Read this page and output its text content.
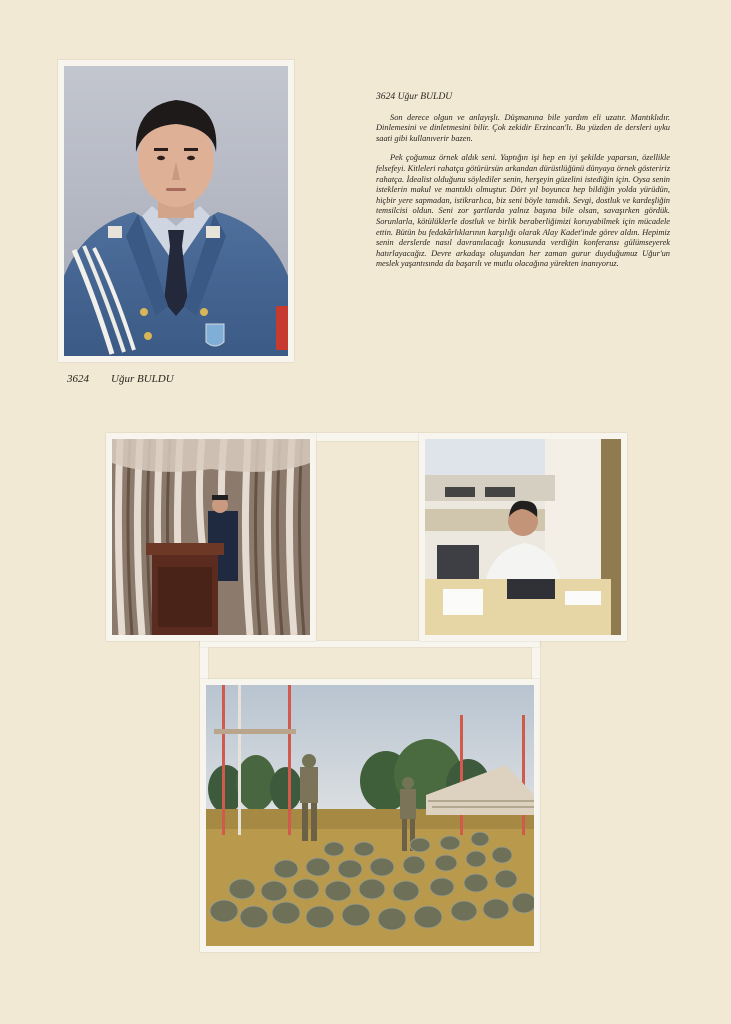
3624 Uğur BULDU
3624 Uğur BULDU

Son derece olgun ve anlayışlı. Düşmanına bile yardım eli uzatır. Mantıklıdır. Dinlemesini ve dinletmesini bilir. Çok zekidir Erzincan'lı. Bu yüzden de dersleri uyku saati gibi kullanıverir bazen.

Pek çoğumuz örnek aldık seni. Yaptığın işi hep en iyi şekilde yaparsın, özellikle felsefeyi. Kitleleri rahatça götürürsün arkandan dürüstlüğünü dünyaya örnek gösteririz rahatça. İdealist olduğunu söylediler senin, herşeyin güzelini istediğin için. Oysa senin isteklerin makul ve mantıklı olmuştur. Dört yıl boyunca hep bildiğin yolda yürüdün, hiçbir yere sapmadan, istikrarlıca, biz seni böyle tanıdık. Sevgi, dostluk ve kardeşliğin temsilcisi oldun. Seni zor şartlarda yalnız başına bile olsan, savaşırken gördük. Sorunlarla, kötülüklerle dostluk ve birlik beraberliğimizi koruyabilmek için mücadele ettin. Bütün bu fedakârlıklarının karşılığı olarak Alay Kadet'inde görev aldın. Hepimiz senin derslerde nasıl davranılacağı konusunda verdiğin konferansı gülümseyerek hatırlayacağız. Devre arkadaşı oluşundan her zaman gurur duyduğumuz Uğur'un meslek yaşantısında da başarılı ve mutlu olacağına yürekten inanıyoruz.
